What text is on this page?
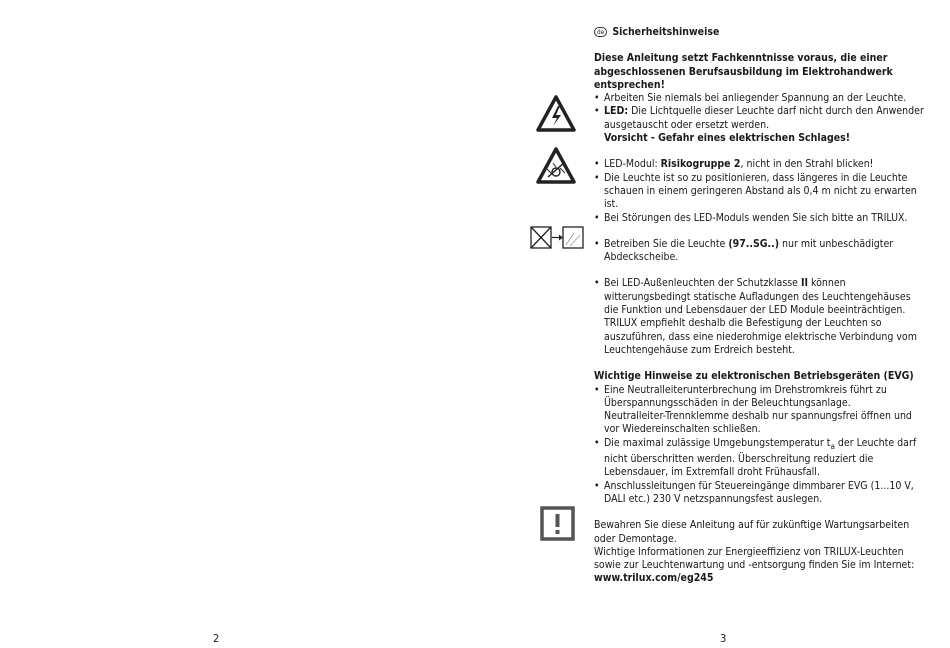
2	3
de Sicherheitshinweise
Diese Anleitung setzt Fachkenntnisse voraus, die einer abgeschlossenen Berufsausbildung im Elektrohandwerk entsprechen!
• Arbeiten Sie niemals bei anliegender Spannung an der Leuchte.
• LED: Die Lichtquelle dieser Leuchte darf nicht durch den Anwender ausgetauscht oder ersetzt werden.
Vorsicht - Gefahr eines elektrischen Schlages!
• LED-Modul: Risikogruppe 2, nicht in den Strahl blicken!
• Die Leuchte ist so zu positionieren, dass längeres in die Leuchte schauen in einem geringeren Abstand als 0,4 m nicht zu erwarten ist.
• Bei Störungen des LED-Moduls wenden Sie sich bitte an TRILUX.
• Betreiben Sie die Leuchte (97..SG..) nur mit unbeschädigter Abdeckscheibe.
• Bei LED-Außenleuchten der Schutzklasse II können witterungsbedingt statische Aufladungen des Leuchtengehäuses die Funktion und Lebensdauer der LED Module beeinträchtigen.
TRILUX empfiehlt deshalb die Befestigung der Leuchten so auszuführen, dass eine niederohmige elektrische Verbindung vom Leuchtengehäuse zum Erdreich besteht.
Wichtige Hinweise zu elektronischen Betriebsgeräten (EVG)
• Eine Neutralleiterunterbrechung im Drehstromkreis führt zu Überspannungsschäden in der Beleuchtungsanlage.
Neutralleiter-Trennklemme deshalb nur spannungsfrei öffnen und vor Wiedereinschalten schließen.
• Die maximal zulässige Umgebungstemperatur $t_a$ der Leuchte darf nicht überschritten werden. Überschreitung reduziert die Lebensdauer, im Extremfall droht Frühausfall.
• Anschlussleitungen für Steuereingänge dimmbarer EVG (1...10 V, DALI etc.) 230 V netzspannungsfest auslegen.
Bewahren Sie diese Anleitung auf für zukünftige Wartungsarbeiten oder Demontage.
Wichtige Informationen zur Energieeffizienz von TRILUX-Leuchten sowie zur Leuchtenwartung und -entsorgung finden Sie im Internet:
www.trilux.com/eg245
